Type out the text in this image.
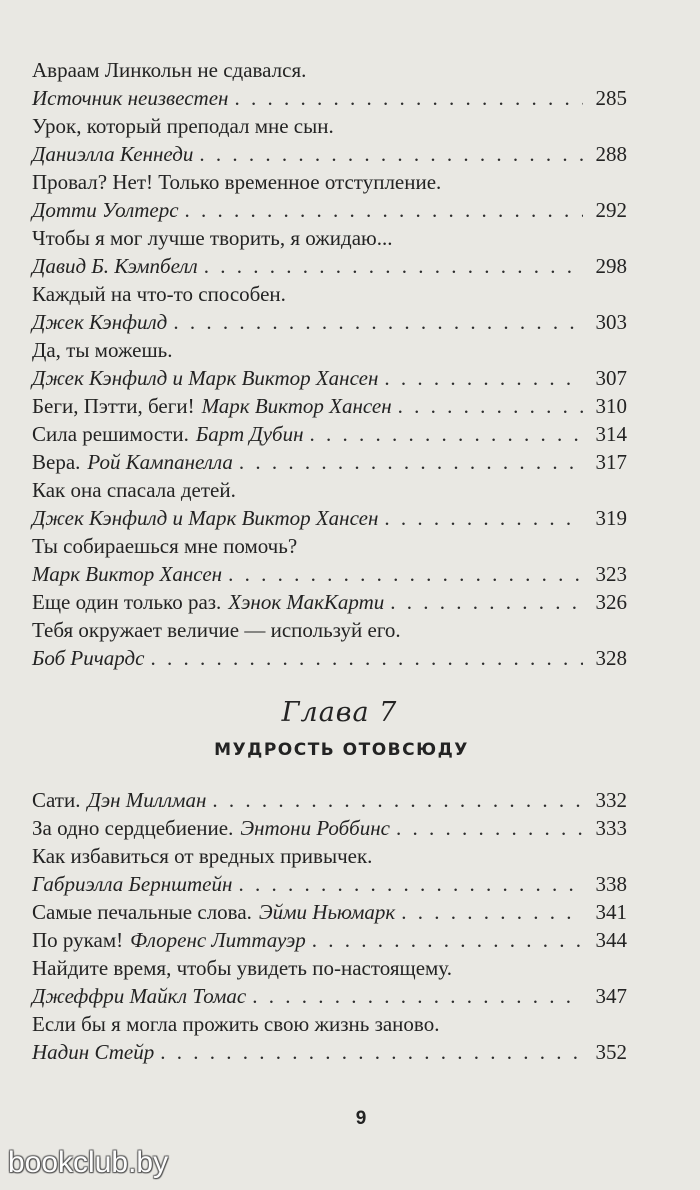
Авраам Линкольн не сдавался.
Источник неизвестен . . .	285
Урок, который преподал мне сын.
Даниэлла Кеннеди . . .	288
Провал? Нет! Только временное отступление.
Дотти Уолтерс . . .	292
Чтобы я мог лучше творить, я ожидаю...
Давид Б. Кэмпбелл . . .	298
Каждый на что-то способен.
Джек Кэнфилд . . .	303
Да, ты можешь.
Джек Кэнфилд и Марк Виктор Хансен . . .	307
Беги, Пэтти, беги! Марк Виктор Хансен . . .	310
Сила решимости. Барт Дубин . . .	314
Вера. Рой Кампанелла . . .	317
Как она спасала детей.
Джек Кэнфилд и Марк Виктор Хансен . . .	319
Ты собираешься мне помочь?
Марк Виктор Хансен . . .	323
Еще один только раз. Хэнок МакКарти . . .	326
Тебя окружает величие — используй его.
Боб Ричардс . . .	328
Глава 7
МУДРОСТЬ ОТОВСЮДУ
Сати. Дэн Миллман . . .	332
За одно сердцебиение. Энтони Роббинс . . .	333
Как избавиться от вредных привычек.
Габриэлла Бернштейн . . .	338
Самые печальные слова. Эйми Ньюмарк . . .	341
По рукам! Флоренс Литтауэр . . .	344
Найдите время, чтобы увидеть по-настоящему.
Джеффри Майкл Томас . . .	347
Если бы я могла прожить свою жизнь заново.
Надин Стейр . . .	352
9
bookclub.by
